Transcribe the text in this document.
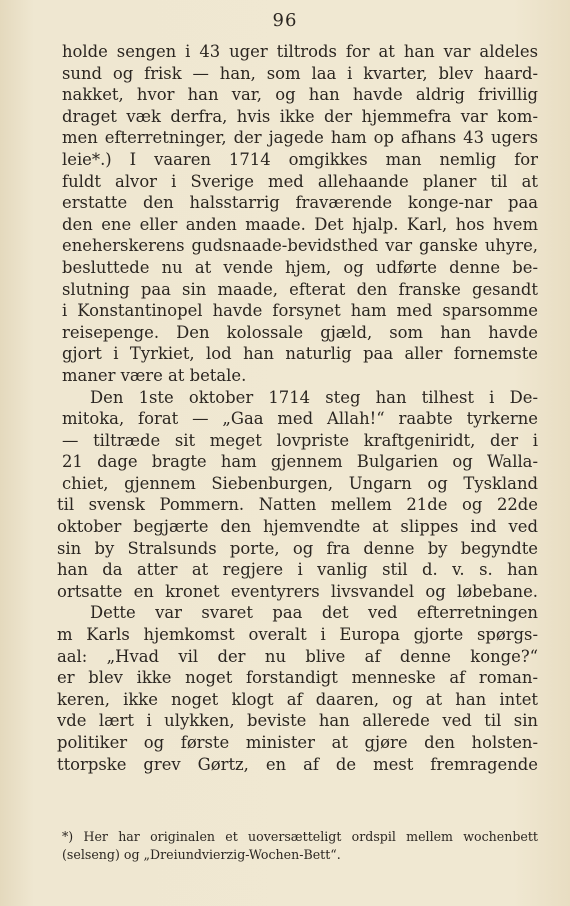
96
holde sengen i 43 uger tiltrods for at han var aldeles
sund og frisk — han, som laa i kvarter, blev haard-
nakket, hvor han var, og han havde aldrig frivillig
draget væk derfra, hvis ikke der hjemmefra var kom-
men efterretninger, der jagede ham op afhans 43 ugers
leie*.) I vaaren 1714 omgikkes man nemlig for
fuldt alvor i Sverige med allehaande planer til at
erstatte den halsstarrig fraværende konge-nar paa
den ene eller anden maade. Det hjalp. Karl, hos hvem
eneherskerens gudsnaade-bevidsthed var ganske uhyre,
besluttede nu at vende hjem, og udførte denne be-
slutning paa sin maade, efterat den franske gesandt
i Konstantinopel havde forsynet ham med sparsomme
reisepenge. Den kolossale gjæld, som han havde
gjort i Tyrkiet, lod han naturlig paa aller fornemste
maner være at betale.
Den 1ste oktober 1714 steg han tilhest i De-
mitoka, forat — „Gaa med Allah!“ raabte tyrkerne
— tiltræde sit meget lovpriste kraftgeniridt, der i
21 dage bragte ham gjennem Bulgarien og Walla-
chiet, gjennem Siebenburgen, Ungarn og Tyskland
til svensk Pommern. Natten mellem 21de og 22de
oktober begjærte den hjemvendte at slippes ind ved
sin by Stralsunds porte, og fra denne by begyndte
han da atter at regjere i vanlig stil d. v. s. han
ortsatte en kronet eventyrers livsvandel og løbebane.
Dette var svaret paa det ved efterretningen
m Karls hjemkomst overalt i Europa gjorte spørgs-
aal: „Hvad vil der nu blive af denne konge?“
er blev ikke noget forstandigt menneske af roman-
keren, ikke noget klogt af daaren, og at han intet
vde lært i ulykken, beviste han allerede ved til sin
politiker og første minister at gjøre den holsten-
ttorpske grev Gørtz, en af de mest fremragende
*) Her har originalen et uoversætteligt ordspil mellem wochenbett
(selseng) og „Dreiundvierzig-Wochen-Bett“.
